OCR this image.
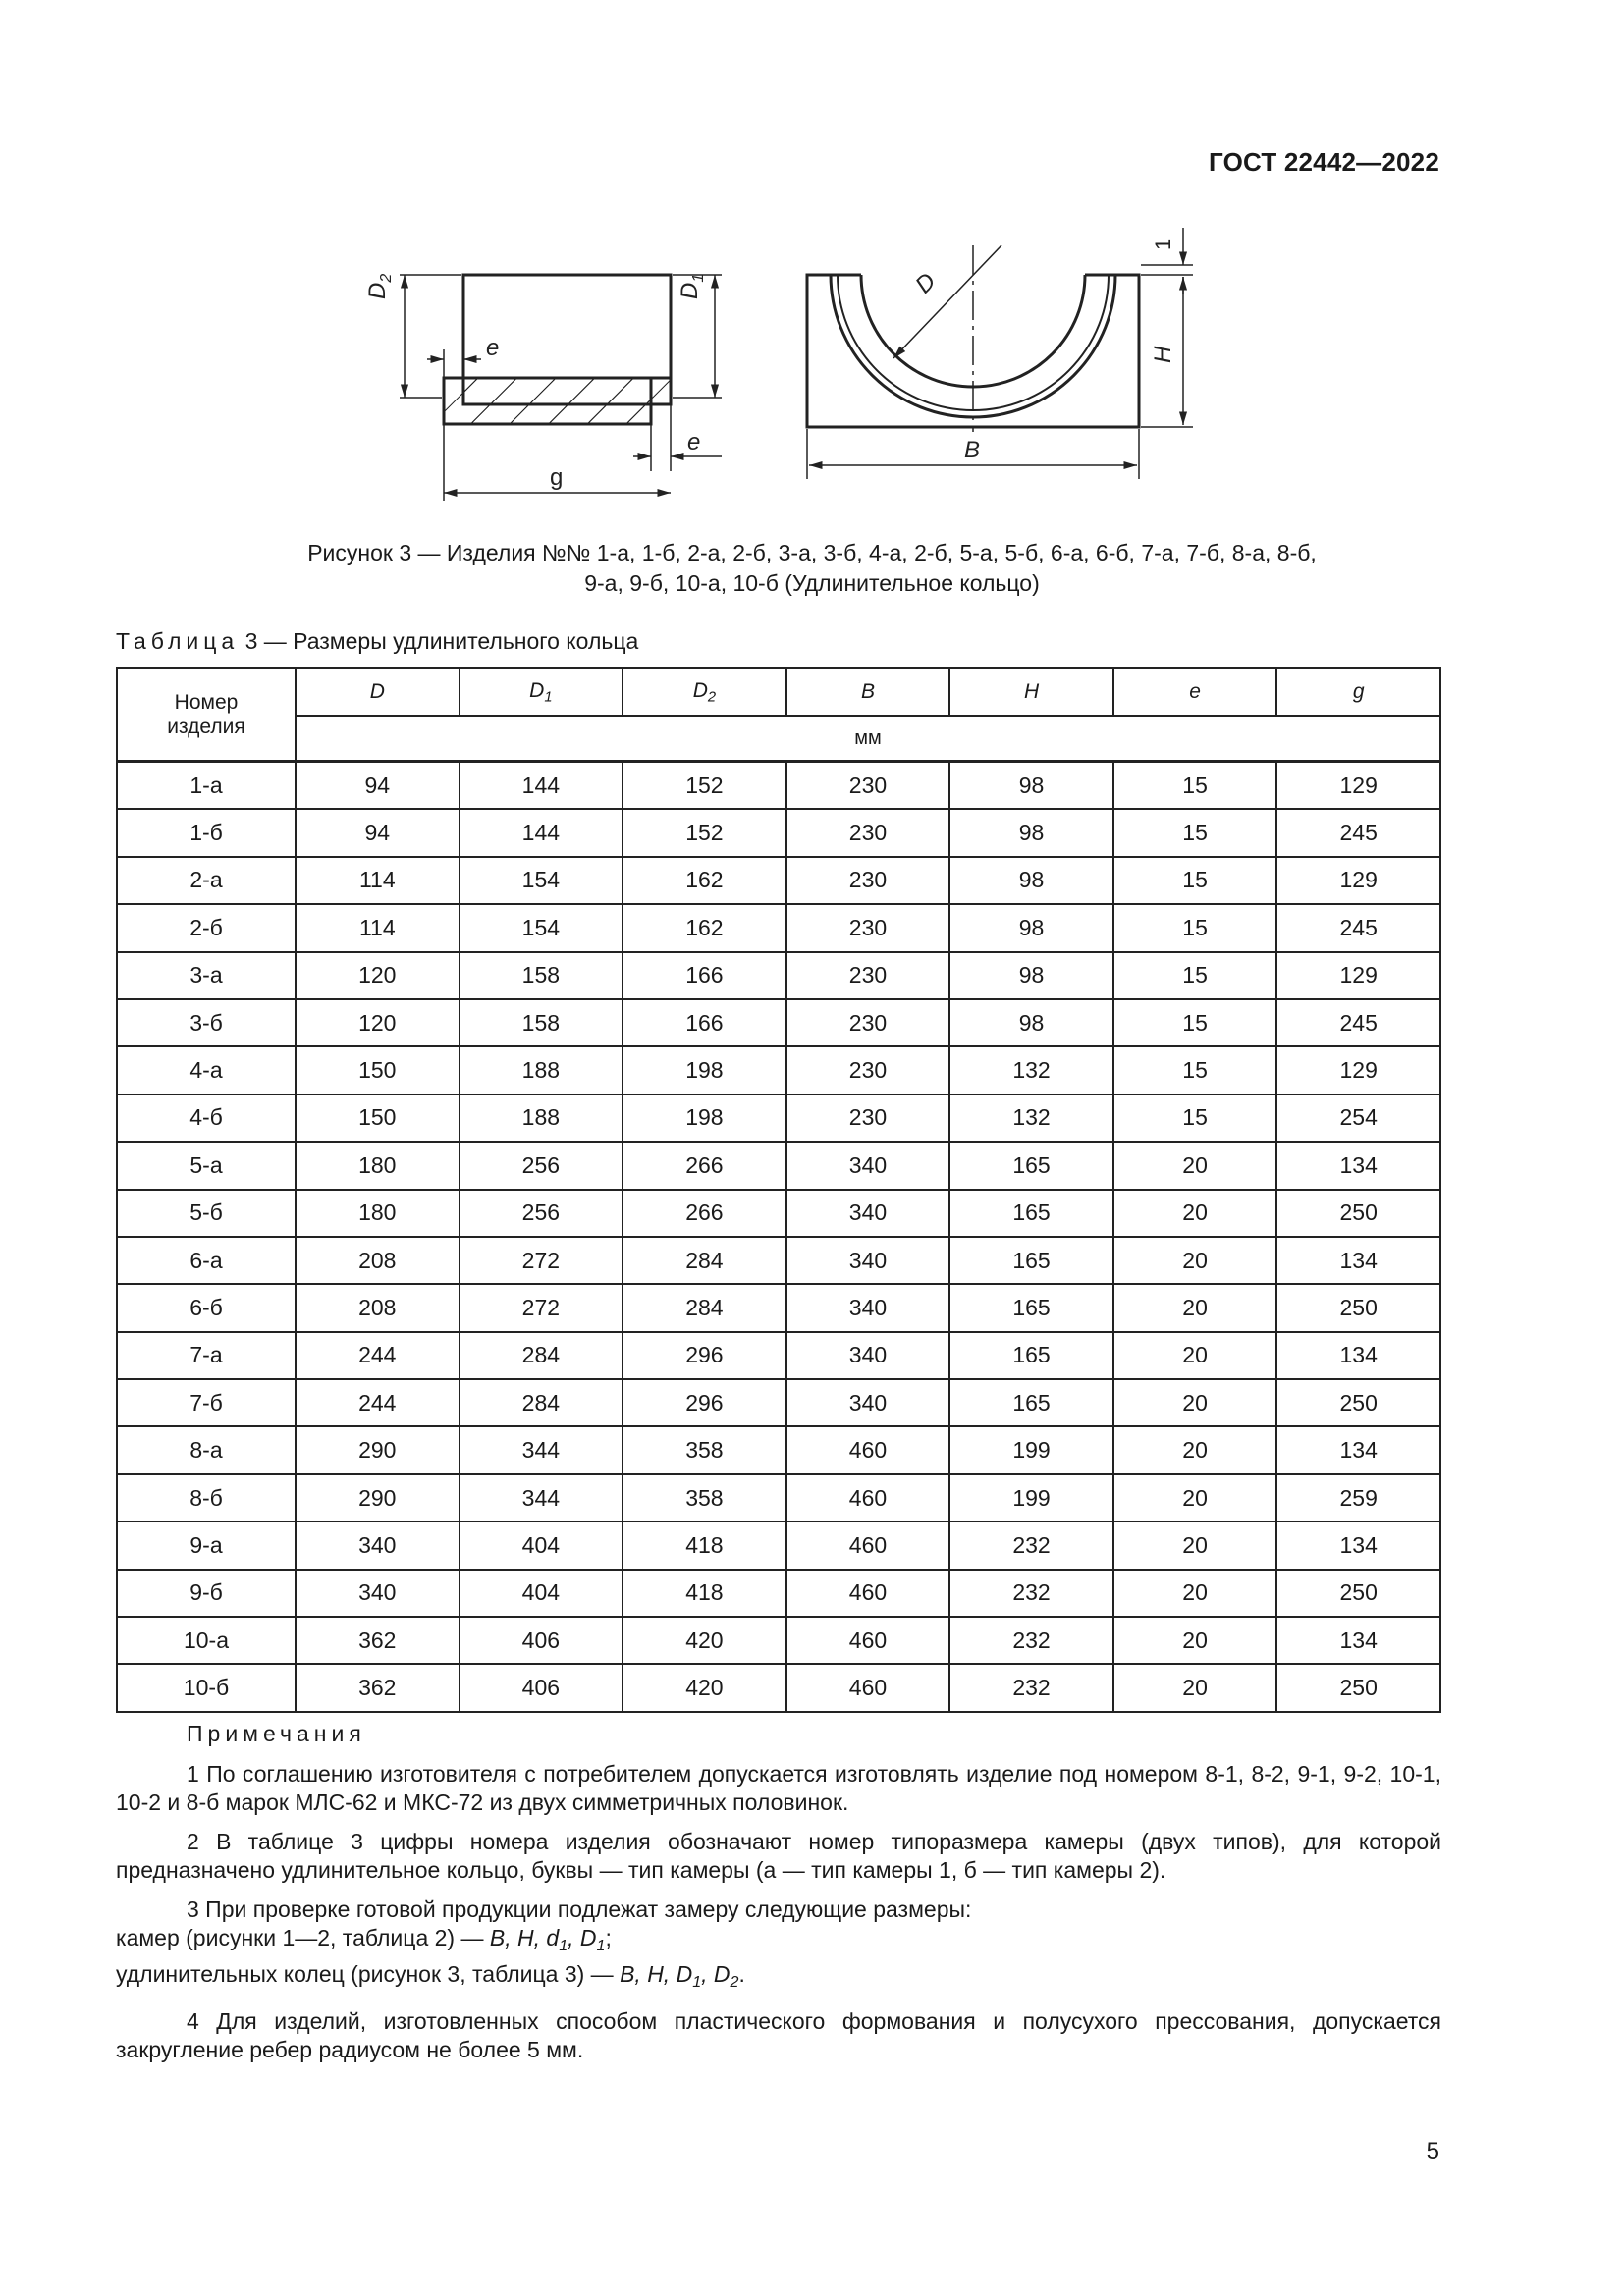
ГОСТ 22442—2022
$D_2$
$D_1$
e
e
g
D
H
1
B
Рисунок 3 — Изделия №№ 1-а, 1-б, 2-а, 2-б, 3-а, 3-б, 4-а, 2-б, 5-а, 5-б, 6-а, 6-б, 7-а, 7-б, 8-а, 8-б,
9-а, 9-б, 10-а, 10-б (Удлинительное кольцо)
Таблица 3 — Размеры удлинительного кольца
Номер
изделия	D	$D_1$	$D_2$	B	H	e	g
	мм						
1-а	94	144	152	230	98	15	129
1-б	94	144	152	230	98	15	245
2-а	114	154	162	230	98	15	129
2-б	114	154	162	230	98	15	245
3-а	120	158	166	230	98	15	129
3-б	120	158	166	230	98	15	245
4-а	150	188	198	230	132	15	129
4-б	150	188	198	230	132	15	254
5-а	180	256	266	340	165	20	134
5-б	180	256	266	340	165	20	250
6-а	208	272	284	340	165	20	134
6-б	208	272	284	340	165	20	250
7-а	244	284	296	340	165	20	134
7-б	244	284	296	340	165	20	250
8-а	290	344	358	460	199	20	134
8-б	290	344	358	460	199	20	259
9-а	340	404	418	460	232	20	134
9-б	340	404	418	460	232	20	250
10-а	362	406	420	460	232	20	134
10-б	362	406	420	460	232	20	250
Примечания

1 По соглашению изготовителя с потребителем допускается изготовлять изделие под номером 8-1, 8-2, 9-1, 9-2, 10-1, 10-2 и 8-б марок МЛС-62 и МКС-72 из двух симметричных половинок.

2 В таблице 3 цифры номера изделия обозначают номер типоразмера камеры (двух типов), для которой предназначено удлинительное кольцо, буквы — тип камеры (а — тип камеры 1, б — тип камеры 2).

3 При проверке готовой продукции подлежат замеру следующие размеры:

камер (рисунки 1—2, таблица 2) — B, H, $d_1$, $D_1$;

удлинительных колец (рисунок 3, таблица 3) — B, H, $D_1$, $D_2$.

4 Для изделий, изготовленных способом пластического формования и полусухого прессования, допускается закругление ребер радиусом не более 5 мм.

5
